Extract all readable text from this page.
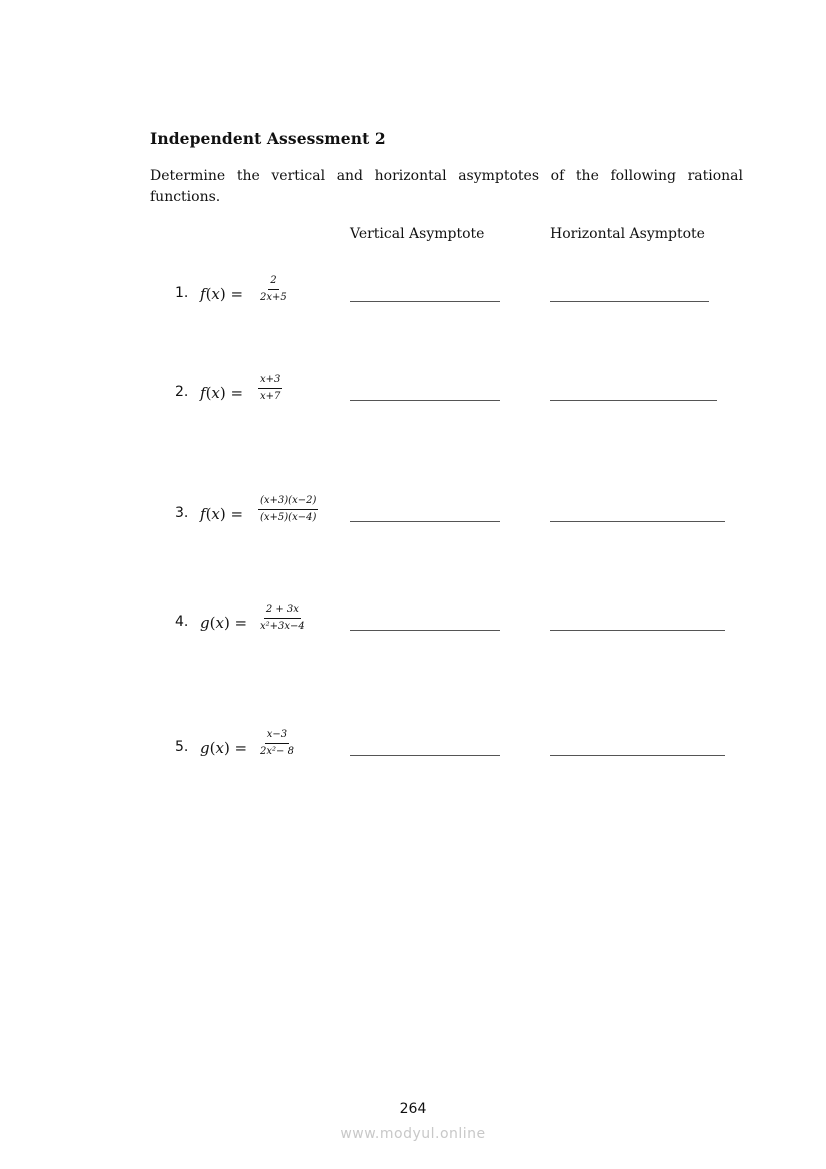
Independent Assessment 2
Determine the vertical and horizontal asymptotes of the following rational functions.
Vertical Asymptote	Horizontal Asymptote
1. $f(x) = \frac{2}{2x+5}$
2. $f(x) = \frac{x+3}{x+7}$
3. $f(x) = \frac{(x+3)(x-2)}{(x+5)(x-4)}$
4. $g(x) = \frac{2 + 3x}{\text{x²+3x−4}}$
5. $g(x) = \frac{x-3}{\text{2x²− 8}}$
264
www.modyul.online
